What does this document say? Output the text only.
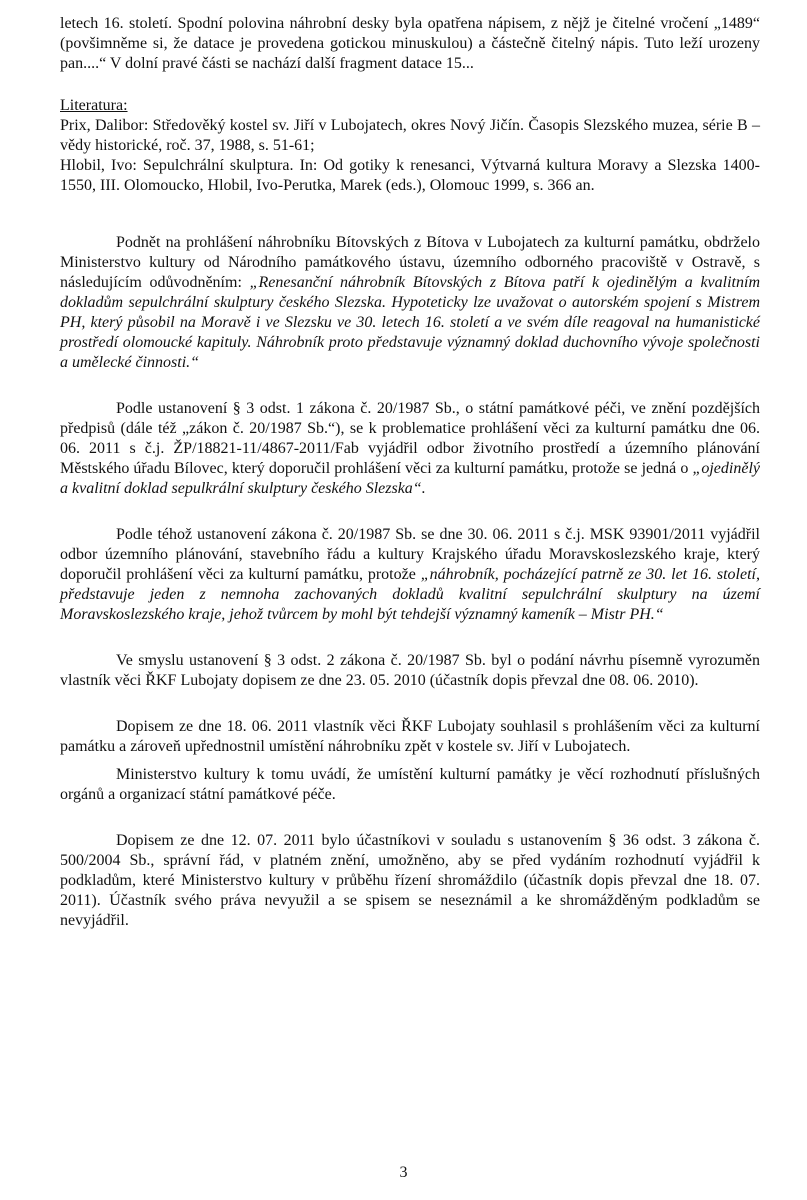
letech 16. století. Spodní polovina náhrobní desky byla opatřena nápisem, z nějž je čitelné vročení „1489“ (povšimněme si, že datace je provedena gotickou minuskulou) a částečně čitelný nápis. Tuto leží urozeny pan....“ V dolní pravé části se nachází další fragment datace 15...

Literatura:

Prix, Dalibor: Středověký kostel sv. Jiří v Lubojatech, okres Nový Jičín. Časopis Slezského muzea, série B – vědy historické, roč. 37, 1988, s. 51-61;

Hlobil, Ivo: Sepulchrální skulptura. In: Od gotiky k renesanci, Výtvarná kultura Moravy a Slezska 1400-1550, III. Olomoucko, Hlobil, Ivo-Perutka, Marek (eds.), Olomouc 1999, s. 366 an.

Podnět na prohlášení náhrobníku Bítovských z Bítova v Lubojatech za kulturní památku, obdrželo Ministerstvo kultury od Národního památkového ústavu, územního odborného pracoviště v Ostravě, s následujícím odůvodněním: „Renesanční náhrobník Bítovských z Bítova patří k ojedinělým a kvalitním dokladům sepulchrální skulptury českého Slezska. Hypoteticky lze uvažovat o autorském spojení s Mistrem PH, který působil na Moravě i ve Slezsku ve 30. letech 16. století a ve svém díle reagoval na humanistické prostředí olomoucké kapituly. Náhrobník proto představuje významný doklad duchovního vývoje společnosti a umělecké činnosti.“

Podle ustanovení § 3 odst. 1 zákona č. 20/1987 Sb., o státní památkové péči, ve znění pozdějších předpisů (dále též „zákon č. 20/1987 Sb.“), se k problematice prohlášení věci za kulturní památku dne 06. 06. 2011 s č.j. ŽP/18821-11/4867-2011/Fab vyjádřil odbor životního prostředí a územního plánování Městského úřadu Bílovec, který doporučil prohlášení věci za kulturní památku, protože se jedná o „ojedinělý a kvalitní doklad sepulkrální skulptury českého Slezska“.

Podle téhož ustanovení zákona č. 20/1987 Sb. se dne 30. 06. 2011 s č.j. MSK 93901/2011 vyjádřil odbor územního plánování, stavebního řádu a kultury Krajského úřadu Moravskoslezského kraje, který doporučil prohlášení věci za kulturní památku, protože „náhrobník, pocházející patrně ze 30. let 16. století, představuje jeden z nemnoha zachovaných dokladů kvalitní sepulchrální skulptury na území Moravskoslezského kraje, jehož tvůrcem by mohl být tehdejší významný kameník – Mistr PH.“

Ve smyslu ustanovení § 3 odst. 2 zákona č. 20/1987 Sb. byl o podání návrhu písemně vyrozuměn vlastník věci ŘKF Lubojaty dopisem ze dne 23. 05. 2010 (účastník dopis převzal dne 08. 06. 2010).

Dopisem ze dne 18. 06. 2011 vlastník věci ŘKF Lubojaty souhlasil s prohlášením věci za kulturní památku a zároveň upřednostnil umístění náhrobníku zpět v kostele sv. Jiří v Lubojatech.

Ministerstvo kultury k tomu uvádí, že umístění kulturní památky je věcí rozhodnutí příslušných orgánů a organizací státní památkové péče.

Dopisem ze dne 12. 07. 2011 bylo účastníkovi v souladu s ustanovením § 36 odst. 3 zákona č. 500/2004 Sb., správní řád, v platném znění, umožněno, aby se před vydáním rozhodnutí vyjádřil k podkladům, které Ministerstvo kultury v průběhu řízení shromáždilo (účastník dopis převzal dne 18. 07. 2011). Účastník svého práva nevyužil a se spisem se neseznámil a ke shromážděným podkladům se nevyjádřil.

3
